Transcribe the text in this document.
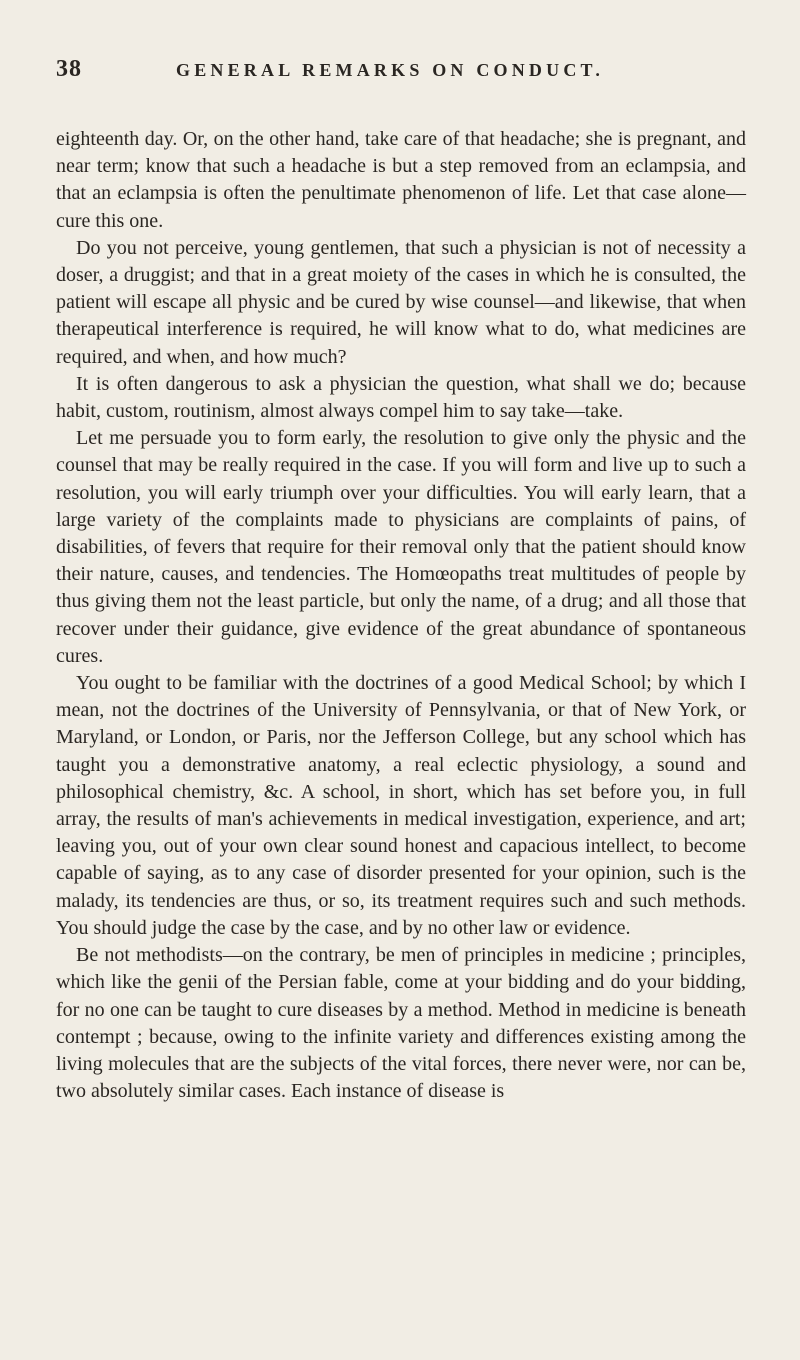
38	GENERAL REMARKS ON CONDUCT.

eighteenth day. Or, on the other hand, take care of that headache; she is pregnant, and near term; know that such a headache is but a step removed from an eclampsia, and that an eclampsia is often the penultimate phenomenon of life. Let that case alone—cure this one.

Do you not perceive, young gentlemen, that such a physician is not of necessity a doser, a druggist; and that in a great moiety of the cases in which he is consulted, the patient will escape all physic and be cured by wise counsel—and likewise, that when therapeutical interference is required, he will know what to do, what medicines are required, and when, and how much?

It is often dangerous to ask a physician the question, what shall we do; because habit, custom, routinism, almost always compel him to say take—take.

Let me persuade you to form early, the resolution to give only the physic and the counsel that may be really required in the case. If you will form and live up to such a resolution, you will early triumph over your difficulties. You will early learn, that a large variety of the complaints made to physicians are complaints of pains, of disabilities, of fevers that require for their removal only that the patient should know their nature, causes, and tendencies. The Homœopaths treat multitudes of people by thus giving them not the least particle, but only the name, of a drug; and all those that recover under their guidance, give evidence of the great abundance of spontaneous cures.

You ought to be familiar with the doctrines of a good Medical School; by which I mean, not the doctrines of the University of Pennsylvania, or that of New York, or Maryland, or London, or Paris, nor the Jefferson College, but any school which has taught you a demonstrative anatomy, a real eclectic physiology, a sound and philosophical chemistry, &c. A school, in short, which has set before you, in full array, the results of man's achievements in medical investigation, experience, and art; leaving you, out of your own clear sound honest and capacious intellect, to become capable of saying, as to any case of disorder presented for your opinion, such is the malady, its tendencies are thus, or so, its treatment requires such and such methods. You should judge the case by the case, and by no other law or evidence.

Be not methodists—on the contrary, be men of principles in medicine ; principles, which like the genii of the Persian fable, come at your bidding and do your bidding, for no one can be taught to cure diseases by a method. Method in medicine is beneath contempt ; because, owing to the infinite variety and differences existing among the living molecules that are the subjects of the vital forces, there never were, nor can be, two absolutely similar cases. Each instance of disease is
